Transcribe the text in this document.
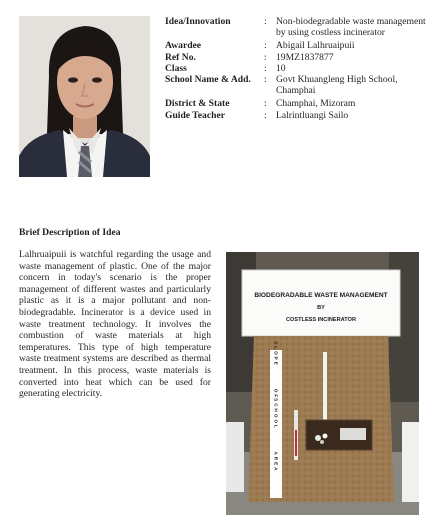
Idea/Innovation	: Non-biodegradable waste management by using costless incinerator
Awardee	: Abigail Lalhruaipuii
Ref No.	: 19MZ1837877
Class	: 10
School Name & Add.	: Govt Khuangleng High School, Champhai
District & State	: Champhai, Mizoram
Guide Teacher	: Lalrintluangi Sailo
Brief Description of Idea
Lalhruaipuii is watchful regarding the usage and waste management of plastic. One of the major concern in today's scenario is the proper management of different wastes and particularly plastic as it is a major pollutant and non-biodegradable. Incinerator is a device used in waste treatment technology. It involves the combustion of waste materials at high temperatures. This type of high temperature waste treatment systems are described as thermal treatment. In this process, waste materials is converted into heat which can be used for generating electricity.
BIODEGRADABLE WASTE MANAGEMENT
BY
COSTLESS INCINERATOR
SLOPE
OF
SCHOOL
AREA
